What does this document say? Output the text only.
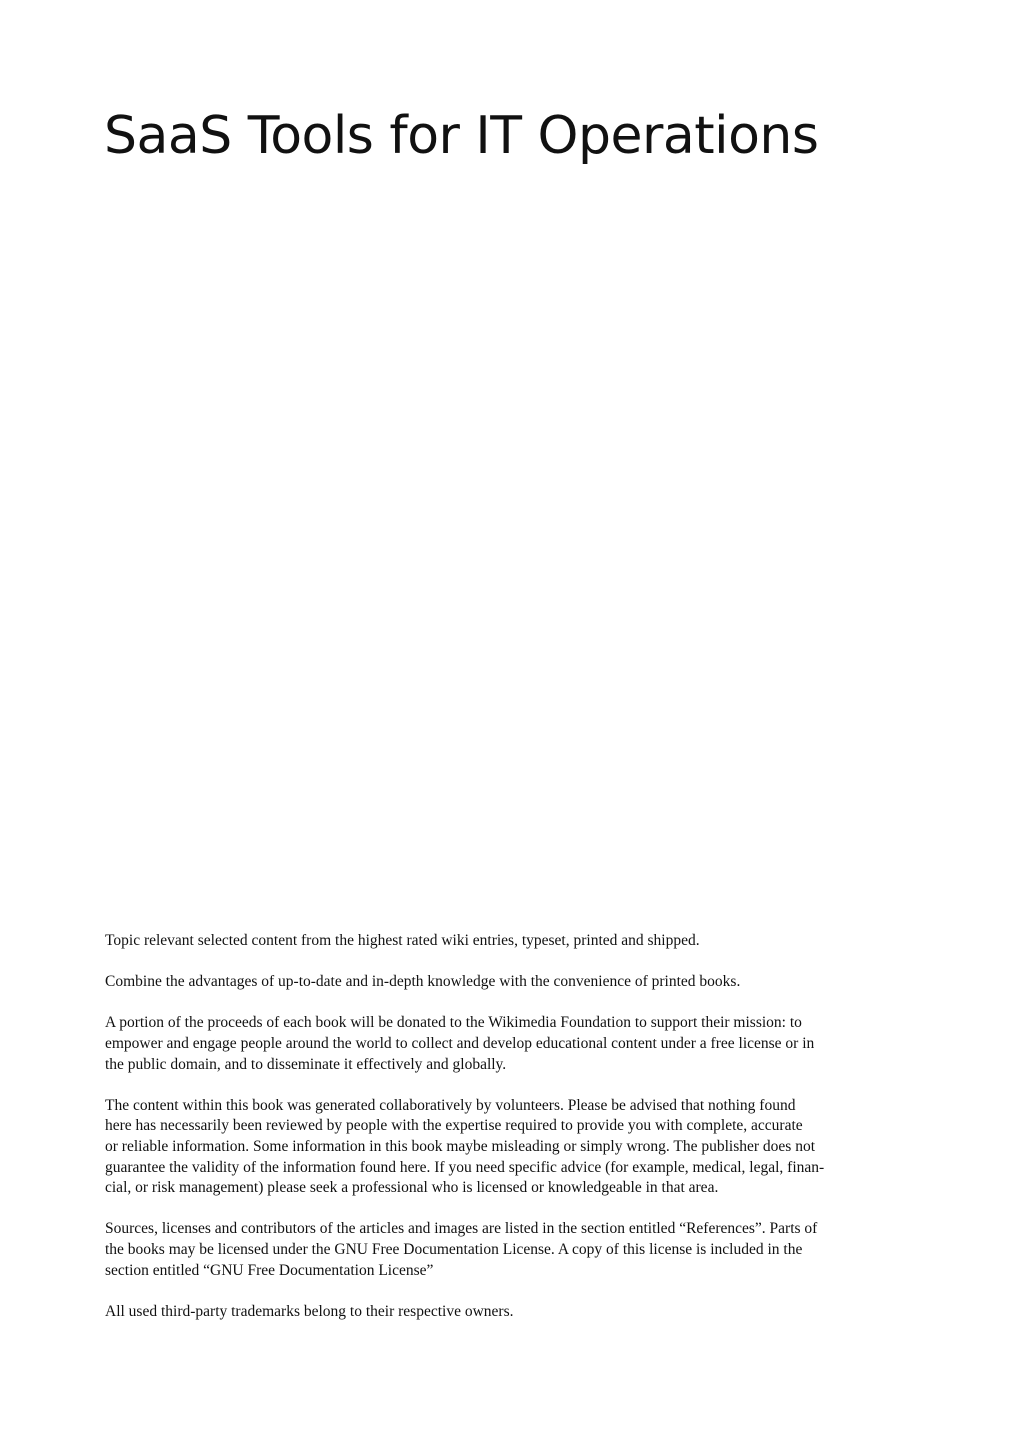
SaaS Tools for IT Operations

Topic relevant selected content from the highest rated wiki entries, typeset, printed and shipped.

Combine the advantages of up-to-date and in-depth knowledge with the convenience of printed books.

A portion of the proceeds of each book will be donated to the Wikimedia Foundation to support their mission: to
empower and engage people around the world to collect and develop educational content under a free license or in
the public domain, and to disseminate it effectively and globally.

The content within this book was generated collaboratively by volunteers. Please be advised that nothing found
here has necessarily been reviewed by people with the expertise required to provide you with complete, accurate
or reliable information. Some information in this book maybe misleading or simply wrong. The publisher does not
guarantee the validity of the information found here. If you need specific advice (for example, medical, legal, finan-
cial, or risk management) please seek a professional who is licensed or knowledgeable in that area.

Sources, licenses and contributors of the articles and images are listed in the section entitled “References”. Parts of
the books may be licensed under the GNU Free Documentation License. A copy of this license is included in the
section entitled “GNU Free Documentation License”

All used third-party trademarks belong to their respective owners.
